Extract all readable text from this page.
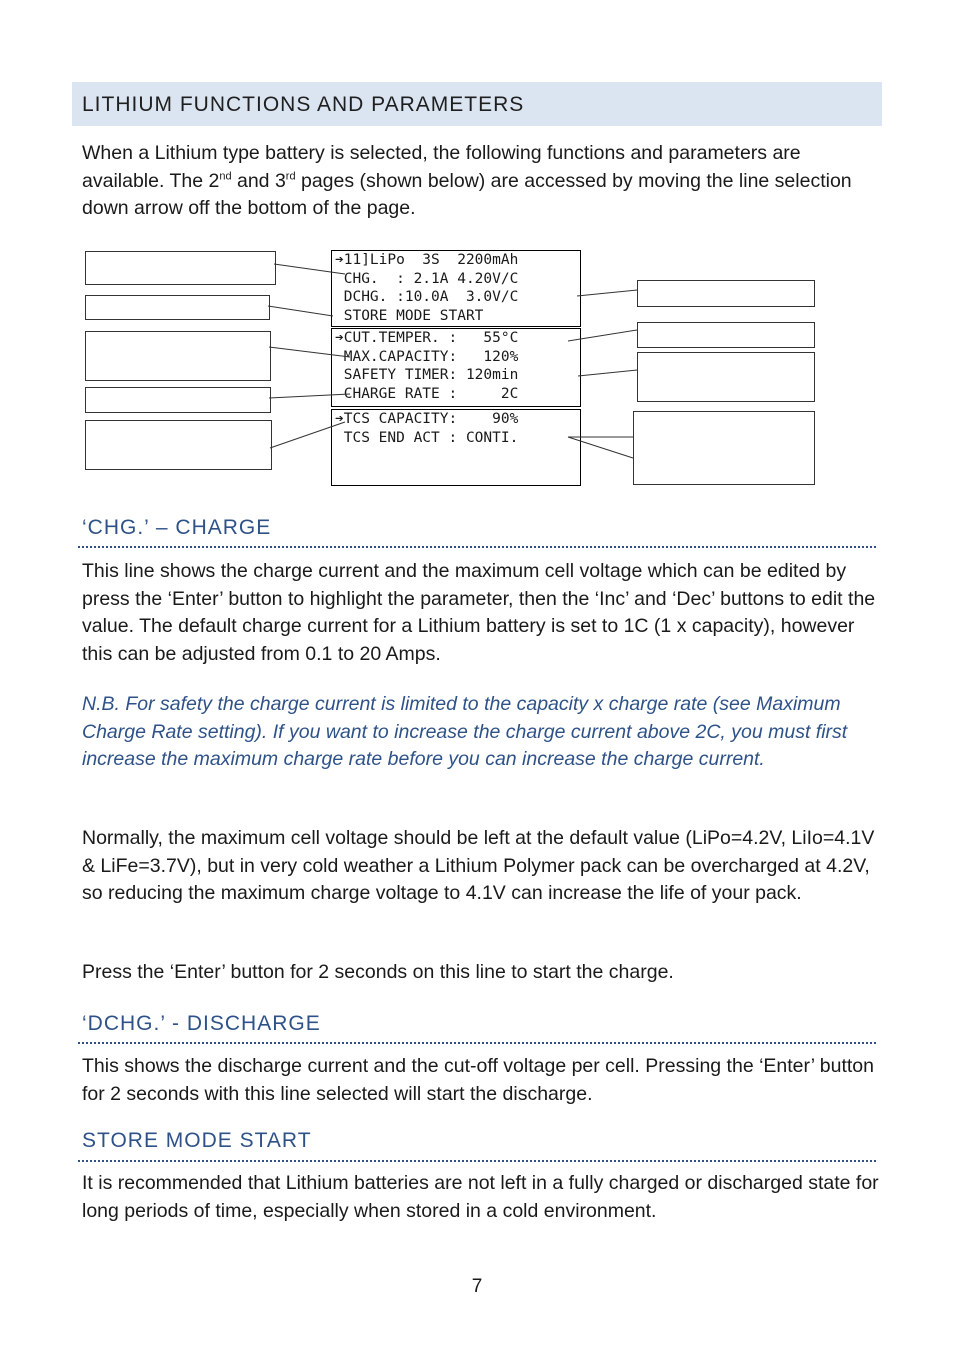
LITHIUM FUNCTIONS AND PARAMETERS

When a Lithium type battery is selected, the following functions and parameters are available. The 2nd and 3rd pages (shown below) are accessed by moving the line selection down arrow off the bottom of the page.

➔11]LiPo  3S  2200mAh
CHG.  : 2.1A 4.20V/C
DCHG. :10.0A  3.0V/C
STORE MODE START
➔CUT.TEMPER. :   55°C
MAX.CAPACITY:   120%
SAFETY TIMER: 120min
CHARGE RATE :     2C
➔TCS CAPACITY:    90%
TCS END ACT : CONTI.
‘CHG.’ – CHARGE

This line shows the charge current and the maximum cell voltage which can be edited by press the ‘Enter’ button to highlight the parameter, then the ‘Inc’ and ‘Dec’ buttons to edit the value. The default charge current for a Lithium battery is set to 1C (1 x capacity), however this can be adjusted from 0.1 to 20 Amps.

N.B. For safety the charge current is limited to the capacity x charge rate (see Maximum Charge Rate setting). If you want to increase the charge current above 2C, you must first increase the maximum charge rate before you can increase the charge current.

Normally, the maximum cell voltage should be left at the default value (LiPo=4.2V, LiIo=4.1V & LiFe=3.7V), but in very cold weather a Lithium Polymer pack can be overcharged at 4.2V, so reducing the maximum charge voltage to 4.1V can increase the life of your pack.

Press the ‘Enter’ button for 2 seconds on this line to start the charge.

‘DCHG.’ - DISCHARGE

This shows the discharge current and the cut-off voltage per cell. Pressing the ‘Enter’ button for 2 seconds with this line selected will start the discharge.

STORE MODE START

It is recommended that Lithium batteries are not left in a fully charged or discharged state for long periods of time, especially when stored in a cold environment.

7
